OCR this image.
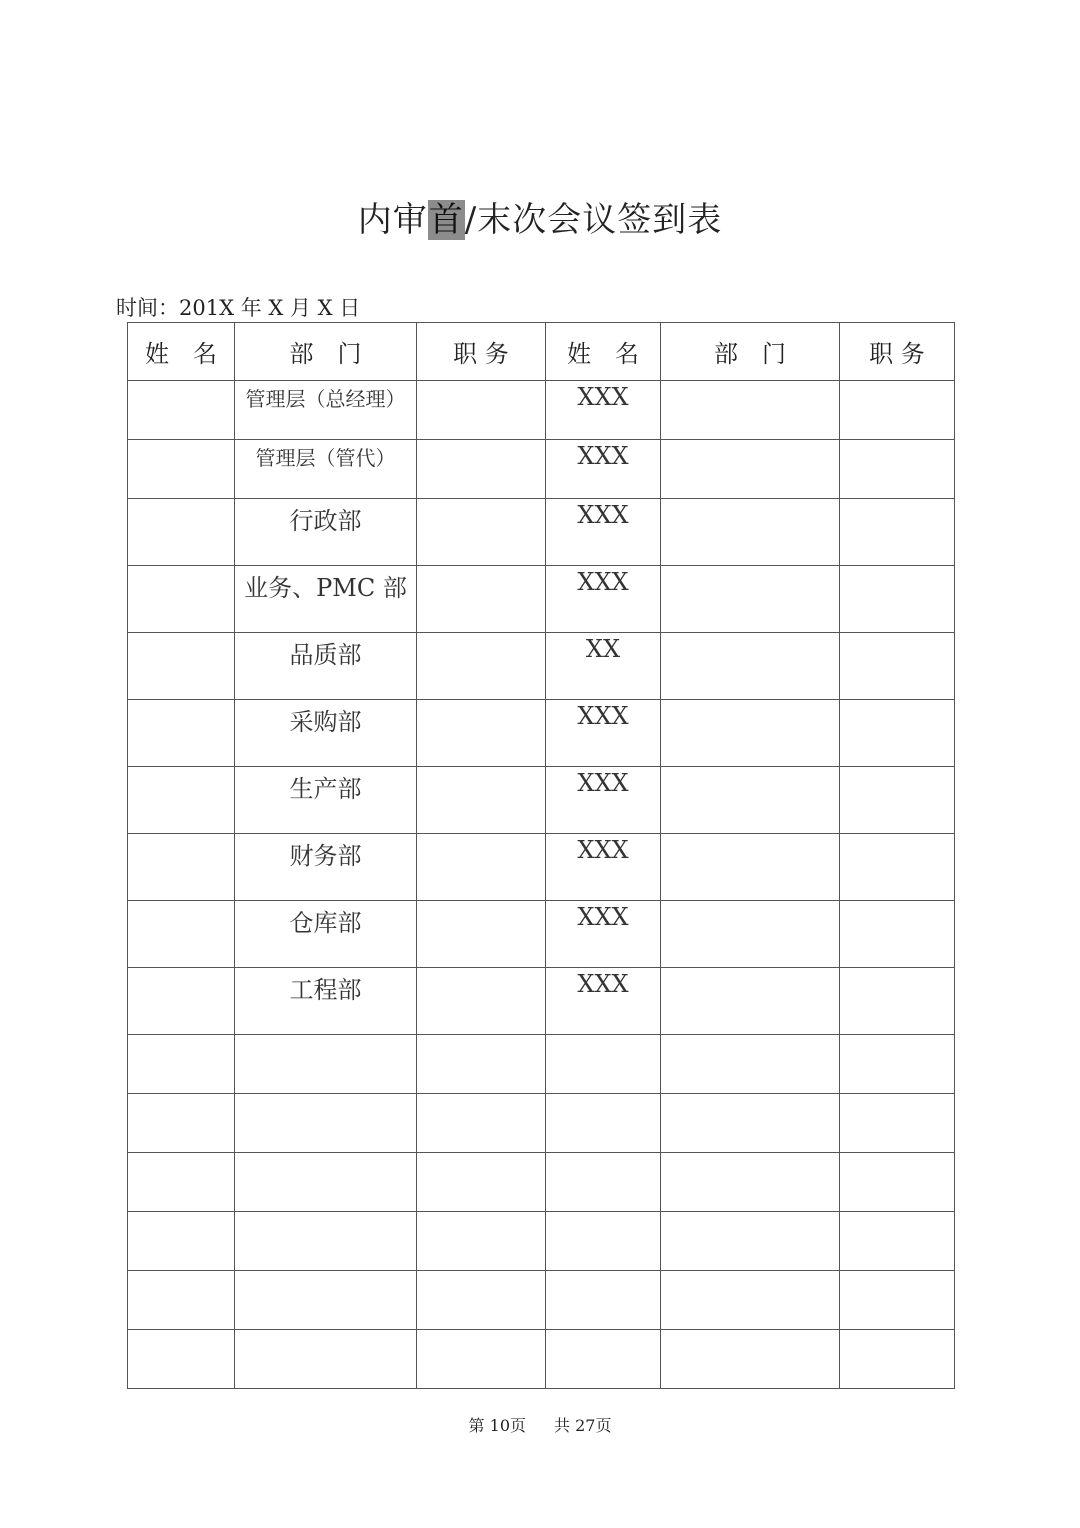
内审首/末次会议签到表
时间：201X 年 X 月 X 日
姓　名	部　门	职 务	姓　名	部　门	职 务
	管理层（总经理）		XXX		
	管理层（管代）		XXX		
	行政部		XXX		
	业务、PMC 部		XXX		
	品质部		XX		
	采购部		XXX		
	生产部		XXX		
	财务部		XXX		
	仓库部		XXX		
	工程部		XXX		

第 10页 共 27页
